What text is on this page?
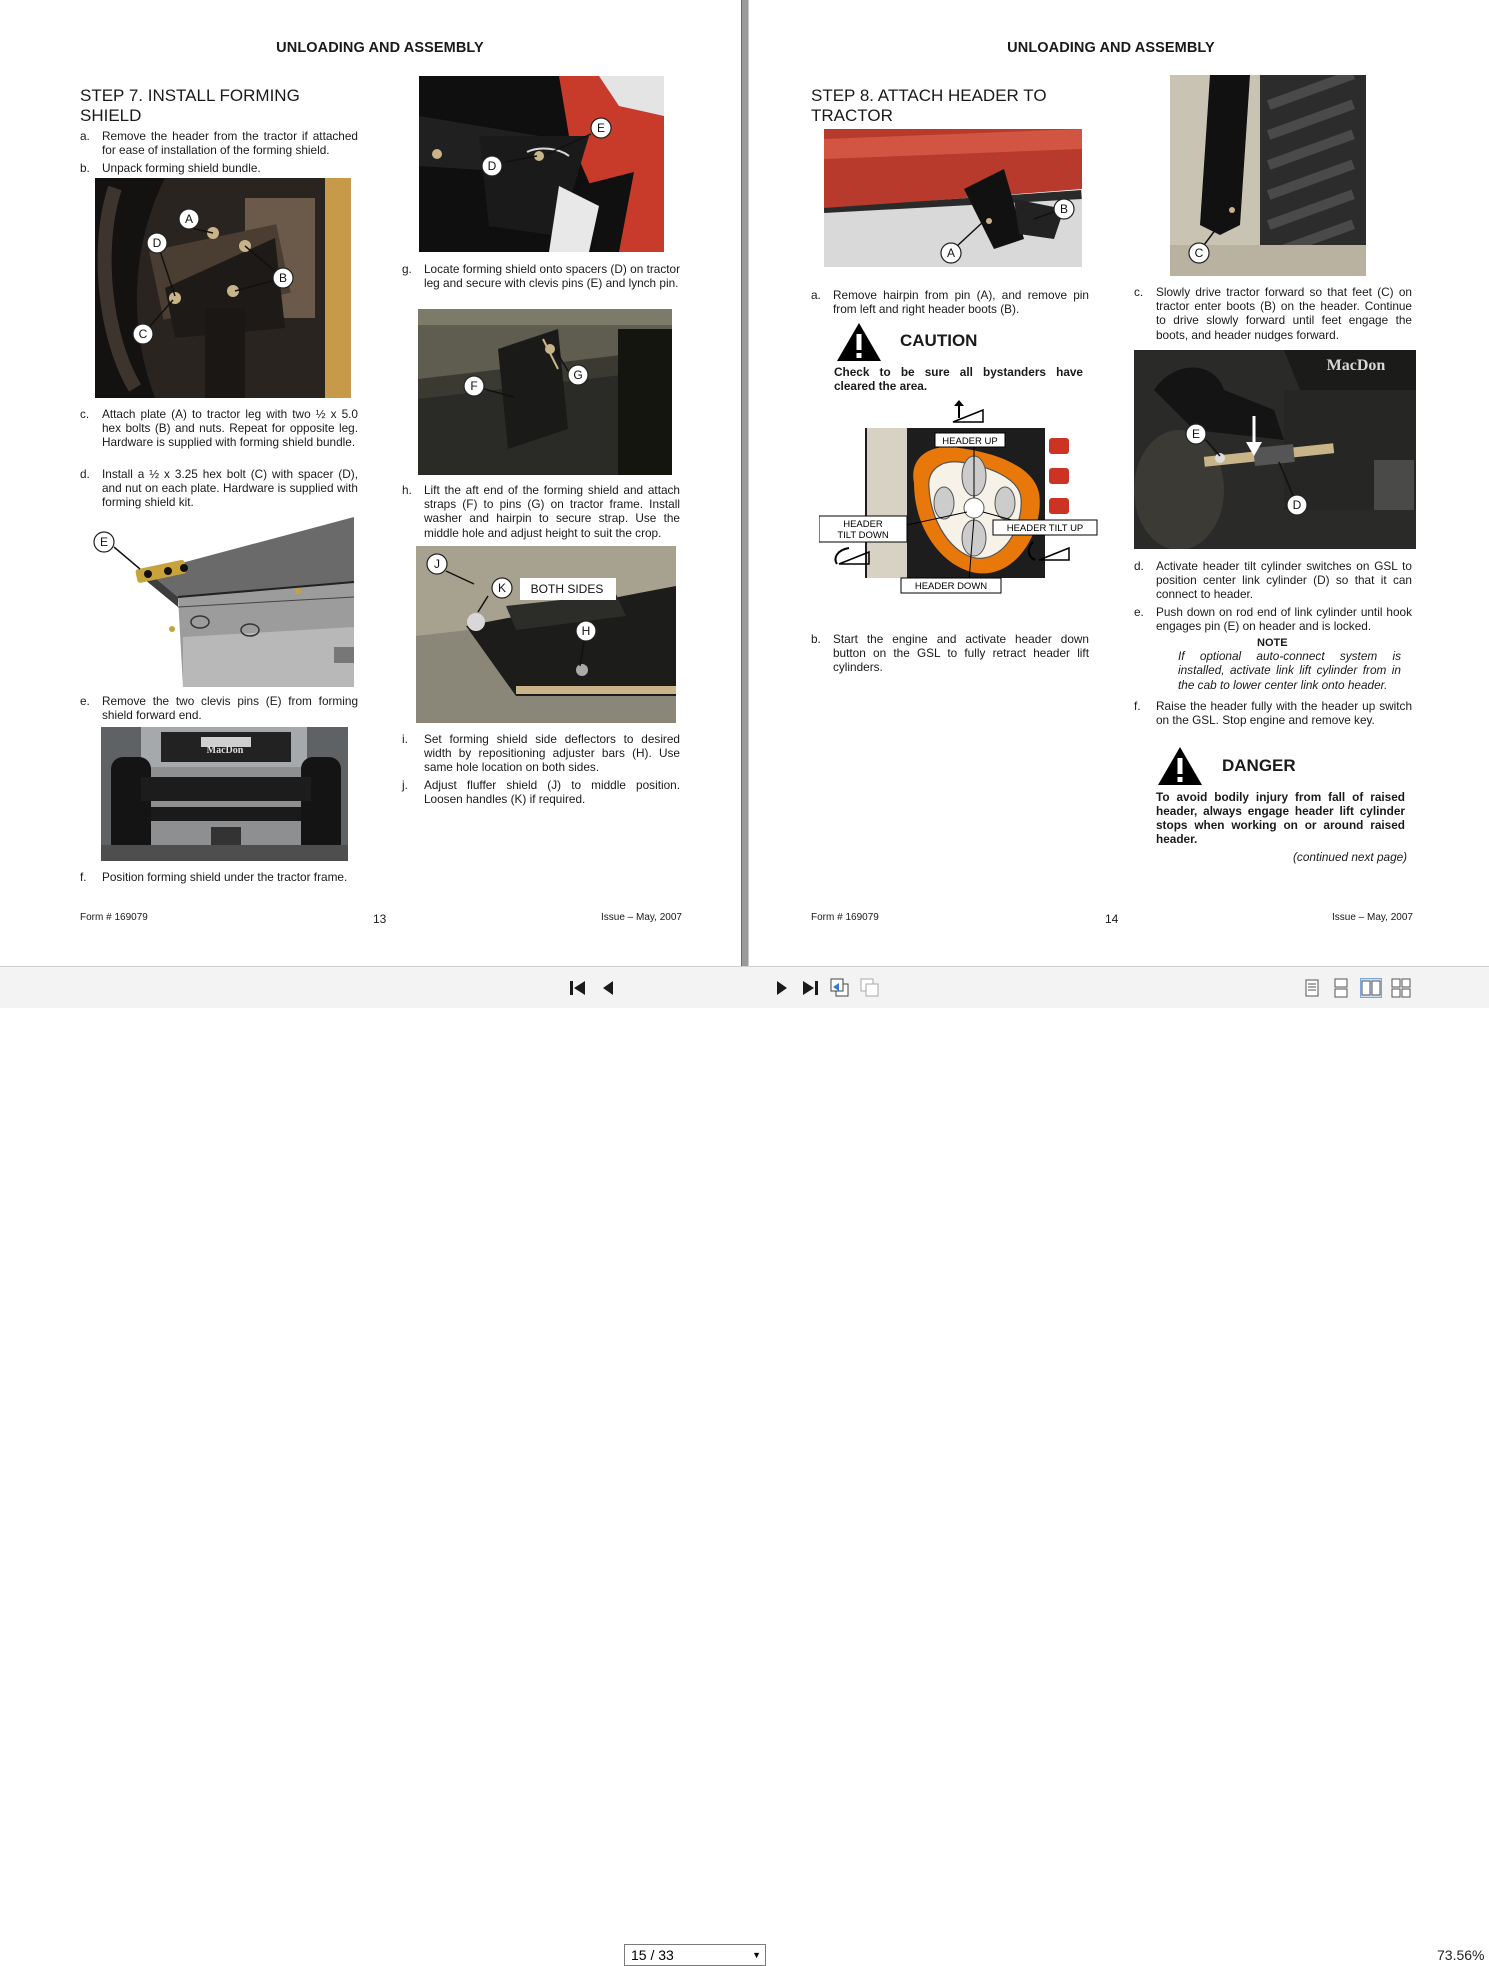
UNLOADING AND ASSEMBLY
STEP 7. INSTALL FORMING
SHIELD
a. Remove the header from the tractor if attached for ease of installation of the forming shield.
b. Unpack forming shield bundle.
A
D
B
C
c. Attach plate (A) to tractor leg with two ½ x 5.0 hex bolts (B) and nuts. Repeat for opposite leg. Hardware is supplied with forming shield bundle.
d. Install a ½ x 3.25 hex bolt (C) with spacer (D), and nut on each plate. Hardware is supplied with forming shield kit.
E
e. Remove the two clevis pins (E) from forming shield forward end.
MacDon
f. Position forming shield under the tractor frame.
D
E
g. Locate forming shield onto spacers (D) on tractor leg and secure with clevis pins (E) and lynch pin.
F
G
h. Lift the aft end of the forming shield and attach straps (F) to pins (G) on tractor frame. Install washer and hairpin to secure strap. Use the middle hole and adjust height to suit the crop.
J
K BOTH SIDES
H
i. Set forming shield side deflectors to desired width by repositioning adjuster bars (H). Use same hole location on both sides.
j. Adjust fluffer shield (J) to middle position. Loosen handles (K) if required.
Form # 169079	13	Issue – May, 2007
UNLOADING AND ASSEMBLY
STEP 8. ATTACH HEADER TO
TRACTOR
A
B
a. Remove hairpin from pin (A), and remove pin from left and right header boots (B).
CAUTION
Check to be sure all bystanders have cleared the area.
HEADER UP
HEADER
TILT DOWN
HEADER TILT UP
HEADER DOWN
b. Start the engine and activate header down button on the GSL to fully retract header lift cylinders.
C
c. Slowly drive tractor forward so that feet (C) on tractor enter boots (B) on the header. Continue to drive slowly forward until feet engage the boots, and header nudges forward.
MacDon
E
D
d. Activate header tilt cylinder switches on GSL to position center link cylinder (D) so that it can connect to header.
e. Push down on rod end of link cylinder until hook engages pin (E) on header and is locked.
NOTE
If optional auto-connect system is installed, activate link lift cylinder from in the cab to lower center link onto header.
f. Raise the header fully with the header up switch on the GSL. Stop engine and remove key.
DANGER
To avoid bodily injury from fall of raised header, always engage header lift cylinder stops when working on or around raised header.
(continued next page)
Form # 169079	14	Issue – May, 2007
15 / 33	▼	73.56%
